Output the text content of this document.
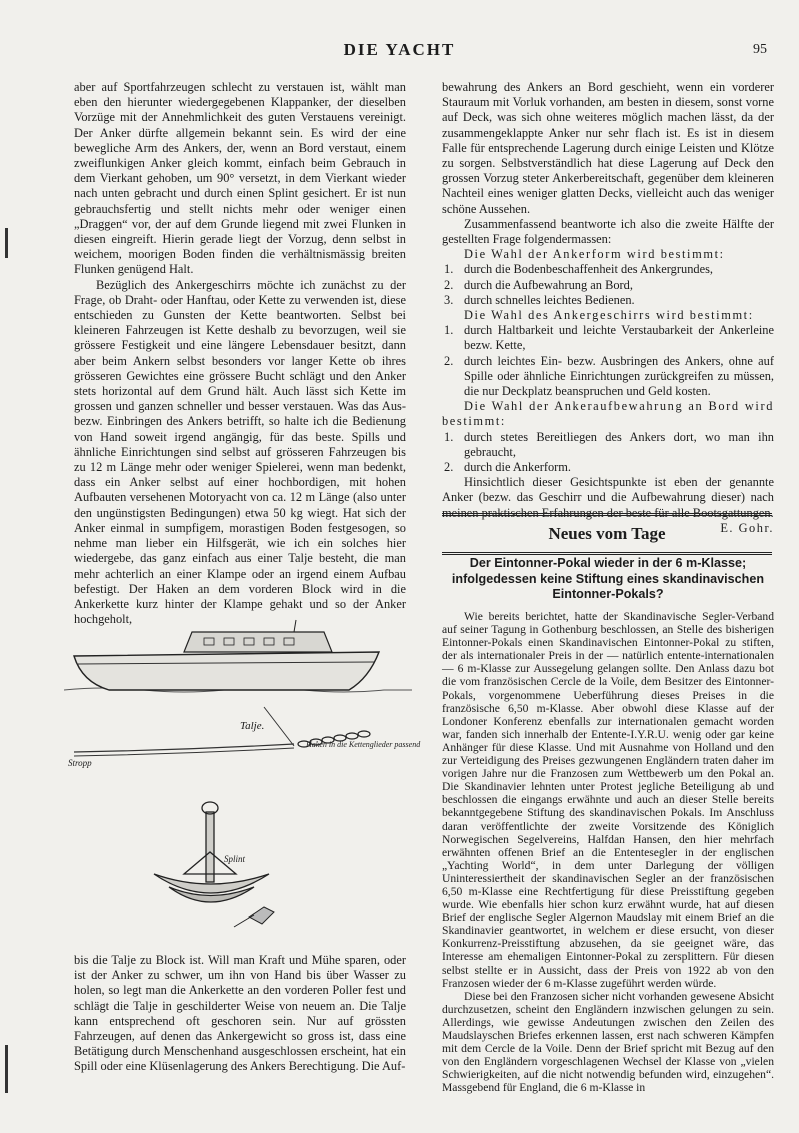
DIE YACHT	95

aber auf Sportfahrzeugen schlecht zu verstauen ist, wählt man eben den hierunter wiedergegebenen Klappanker, der dieselben Vorzüge mit der Annehmlichkeit des guten Verstauens vereinigt. Der Anker dürfte allgemein bekannt sein. Es wird der eine bewegliche Arm des Ankers, der, wenn an Bord verstaut, einem zweiflunkigen Anker gleich kommt, einfach beim Gebrauch in dem Vierkant gehoben, um 90° versetzt, in dem Vierkant wieder nach unten gebracht und durch einen Splint gesichert. Er ist nun gebrauchsfertig und stellt nichts mehr oder weniger einen „Draggen“ vor, der auf dem Grunde liegend mit zwei Flunken in diesen eingreift. Hierin gerade liegt der Vorzug, denn selbst in weichem, moorigen Boden finden die verhältnismässig breiten Flunken genügend Halt.

Bezüglich des Ankergeschirrs möchte ich zunächst zu der Frage, ob Draht- oder Hanftau, oder Kette zu verwenden ist, diese entschieden zu Gunsten der Kette beantworten. Selbst bei kleineren Fahrzeugen ist Kette deshalb zu bevorzugen, weil sie grössere Festigkeit und eine längere Lebensdauer besitzt, dann aber beim Ankern selbst besonders vor langer Kette ob ihres grösseren Gewichtes eine grössere Bucht schlägt und den Anker stets horizontal auf dem Grund hält. Auch lässt sich Kette im grossen und ganzen schneller und besser verstauen. Was das Aus- bezw. Einbringen des Ankers betrifft, so halte ich die Bedienung von Hand soweit irgend angängig, für das beste. Spills und ähnliche Einrichtungen sind selbst auf grösseren Fahrzeugen bis zu 12 m Länge mehr oder weniger Spielerei, wenn man bedenkt, dass ein Anker selbst auf einer hochbordigen, mit hohen Aufbauten versehenen Motoryacht von ca. 12 m Länge (also unter den ungünstigsten Bedingungen) etwa 50 kg wiegt. Hat sich der Anker einmal in sumpfigem, morastigen Boden festgesogen, so nehme man lieber ein Hilfsgerät, wie ich ein solches hier wiedergebe, das ganz einfach aus einer Talje besteht, die man mehr achterlich an einer Klampe oder an irgend einem Aufbau befestigt. Der Haken an dem vorderen Block wird in die Ankerkette kurz hinter der Klampe gehakt und so der Anker hochgeholt,

Talje.
Haken in die Kettenglieder passend
Stropp
Splint

bis die Talje zu Block ist. Will man Kraft und Mühe sparen, oder ist der Anker zu schwer, um ihn von Hand bis über Wasser zu holen, so legt man die Ankerkette an den vorderen Poller fest und schlägt die Talje in geschilderter Weise von neuem an. Die Talje kann entsprechend oft geschoren sein. Nur auf grössten Fahrzeugen, auf denen das Ankergewicht so gross ist, dass eine Betätigung durch Menschenhand ausgeschlossen erscheint, hat ein Spill oder eine Klüsenlagerung des Ankers Berechtigung. Die Auf-

bewahrung des Ankers an Bord geschieht, wenn ein vorderer Stauraum mit Vorluk vorhanden, am besten in diesem, sonst vorne auf Deck, was sich ohne weiteres möglich machen lässt, da der zusammengeklappte Anker nur sehr flach ist. Es ist in diesem Falle für entsprechende Lagerung durch einige Leisten und Klötze zu sorgen. Selbstverständlich hat diese Lagerung auf Deck den grossen Vorzug steter Ankerbereitschaft, gegenüber dem kleineren Nachteil eines weniger glatten Decks, vielleicht auch das weniger schöne Aussehen.

Zusammenfassend beantworte ich also die zweite Hälfte der gestellten Frage folgendermassen:

Die Wahl der Ankerform wird bestimmt:

1. durch die Bodenbeschaffenheit des Ankergrundes,
2. durch die Aufbewahrung an Bord,
3. durch schnelles leichtes Bedienen.

Die Wahl des Ankergeschirrs wird bestimmt:

1. durch Haltbarkeit und leichte Verstaubarkeit der Ankerleine bezw. Kette,
2. durch leichtes Ein- bezw. Ausbringen des Ankers, ohne auf Spille oder ähnliche Einrichtungen zurückgreifen zu müssen, die nur Deckplatz beanspruchen und Geld kosten.

Die Wahl der Ankeraufbewahrung an Bord wird bestimmt:

1. durch stetes Bereitliegen des Ankers dort, wo man ihn gebraucht,
2. durch die Ankerform.

Hinsichtlich dieser Gesichtspunkte ist eben der genannte Anker (bezw. das Geschirr und die Aufbewahrung dieser) nach meinen praktischen Erfahrungen der beste für alle Bootsgattungen.

E. Gohr.

Neues vom Tage
Der Eintonner-Pokal wieder in der 6 m-Klasse; infolgedessen keine Stiftung eines skandinavischen Eintonner-Pokals?

Wie bereits berichtet, hatte der Skandinavische Segler-Verband auf seiner Tagung in Gothenburg beschlossen, an Stelle des bisherigen Eintonner-Pokals einen Skandinavischen Eintonner-Pokal zu stiften, der als internationaler Preis in der — natürlich entente-internationalen — 6 m-Klasse zur Aussegelung gelangen sollte. Den Anlass dazu bot die vom französischen Cercle de la Voile, dem Besitzer des Eintonner-Pokals, vorgenommene Ueberführung dieses Preises in die französische 6,50 m-Klasse. Aber obwohl diese Klasse auf der Londoner Konferenz ebenfalls zur internationalen gemacht worden war, fanden sich innerhalb der Entente-I.Y.R.U. wenig oder gar keine Anhänger für diese Klasse. Und mit Ausnahme von Holland und den zur Verteidigung des Preises gezwungenen Engländern traten daher im vorigen Jahre nur die Franzosen zum Wettbewerb um den Pokal an. Die Skandinavier lehnten unter Protest jegliche Beteiligung ab und beschlossen die eingangs erwähnte und auch an dieser Stelle bereits bekanntgegebene Stiftung des skandinavischen Pokals. Im Anschluss daran veröffentlichte der zweite Vorsitzende des Königlich Norwegischen Segelvereins, Halfdan Hansen, den hier mehrfach erwähnten offenen Brief an die Ententesegler in der englischen „Yachting World“, in dem unter Darlegung der völligen Uninteressiertheit der skandinavischen Segler an der französischen 6,50 m-Klasse eine Rechtfertigung für diese Preisstiftung gegeben wurde. Wie ebenfalls hier schon kurz erwähnt wurde, hat auf diesen Brief der englische Segler Algernon Maudslay mit einem Brief an die Skandinavier geantwortet, in welchem er diese ersucht, von dieser Konkurrenz-Preisstiftung abzusehen, da sie geeignet wäre, das Interesse am ehemaligen Eintonner-Pokal zu zersplittern. Für diesen selbst stellte er in Aussicht, dass der Preis von 1922 ab von den Franzosen wieder der 6 m-Klasse zugeführt werden würde.

Diese bei den Franzosen sicher nicht vorhanden gewesene Absicht durchzusetzen, scheint den Engländern inzwischen gelungen zu sein. Allerdings, wie gewisse Andeutungen zwischen den Zeilen des Maudslayschen Briefes erkennen lassen, erst nach schweren Kämpfen mit dem Cercle de la Voile. Denn der Brief spricht mit Bezug auf den von den Engländern vorgeschlagenen Wechsel der Klasse von „vielen Schwierigkeiten, auf die nicht notwendig befunden wird, einzugehen“. Massgebend für England, die 6 m-Klasse in
